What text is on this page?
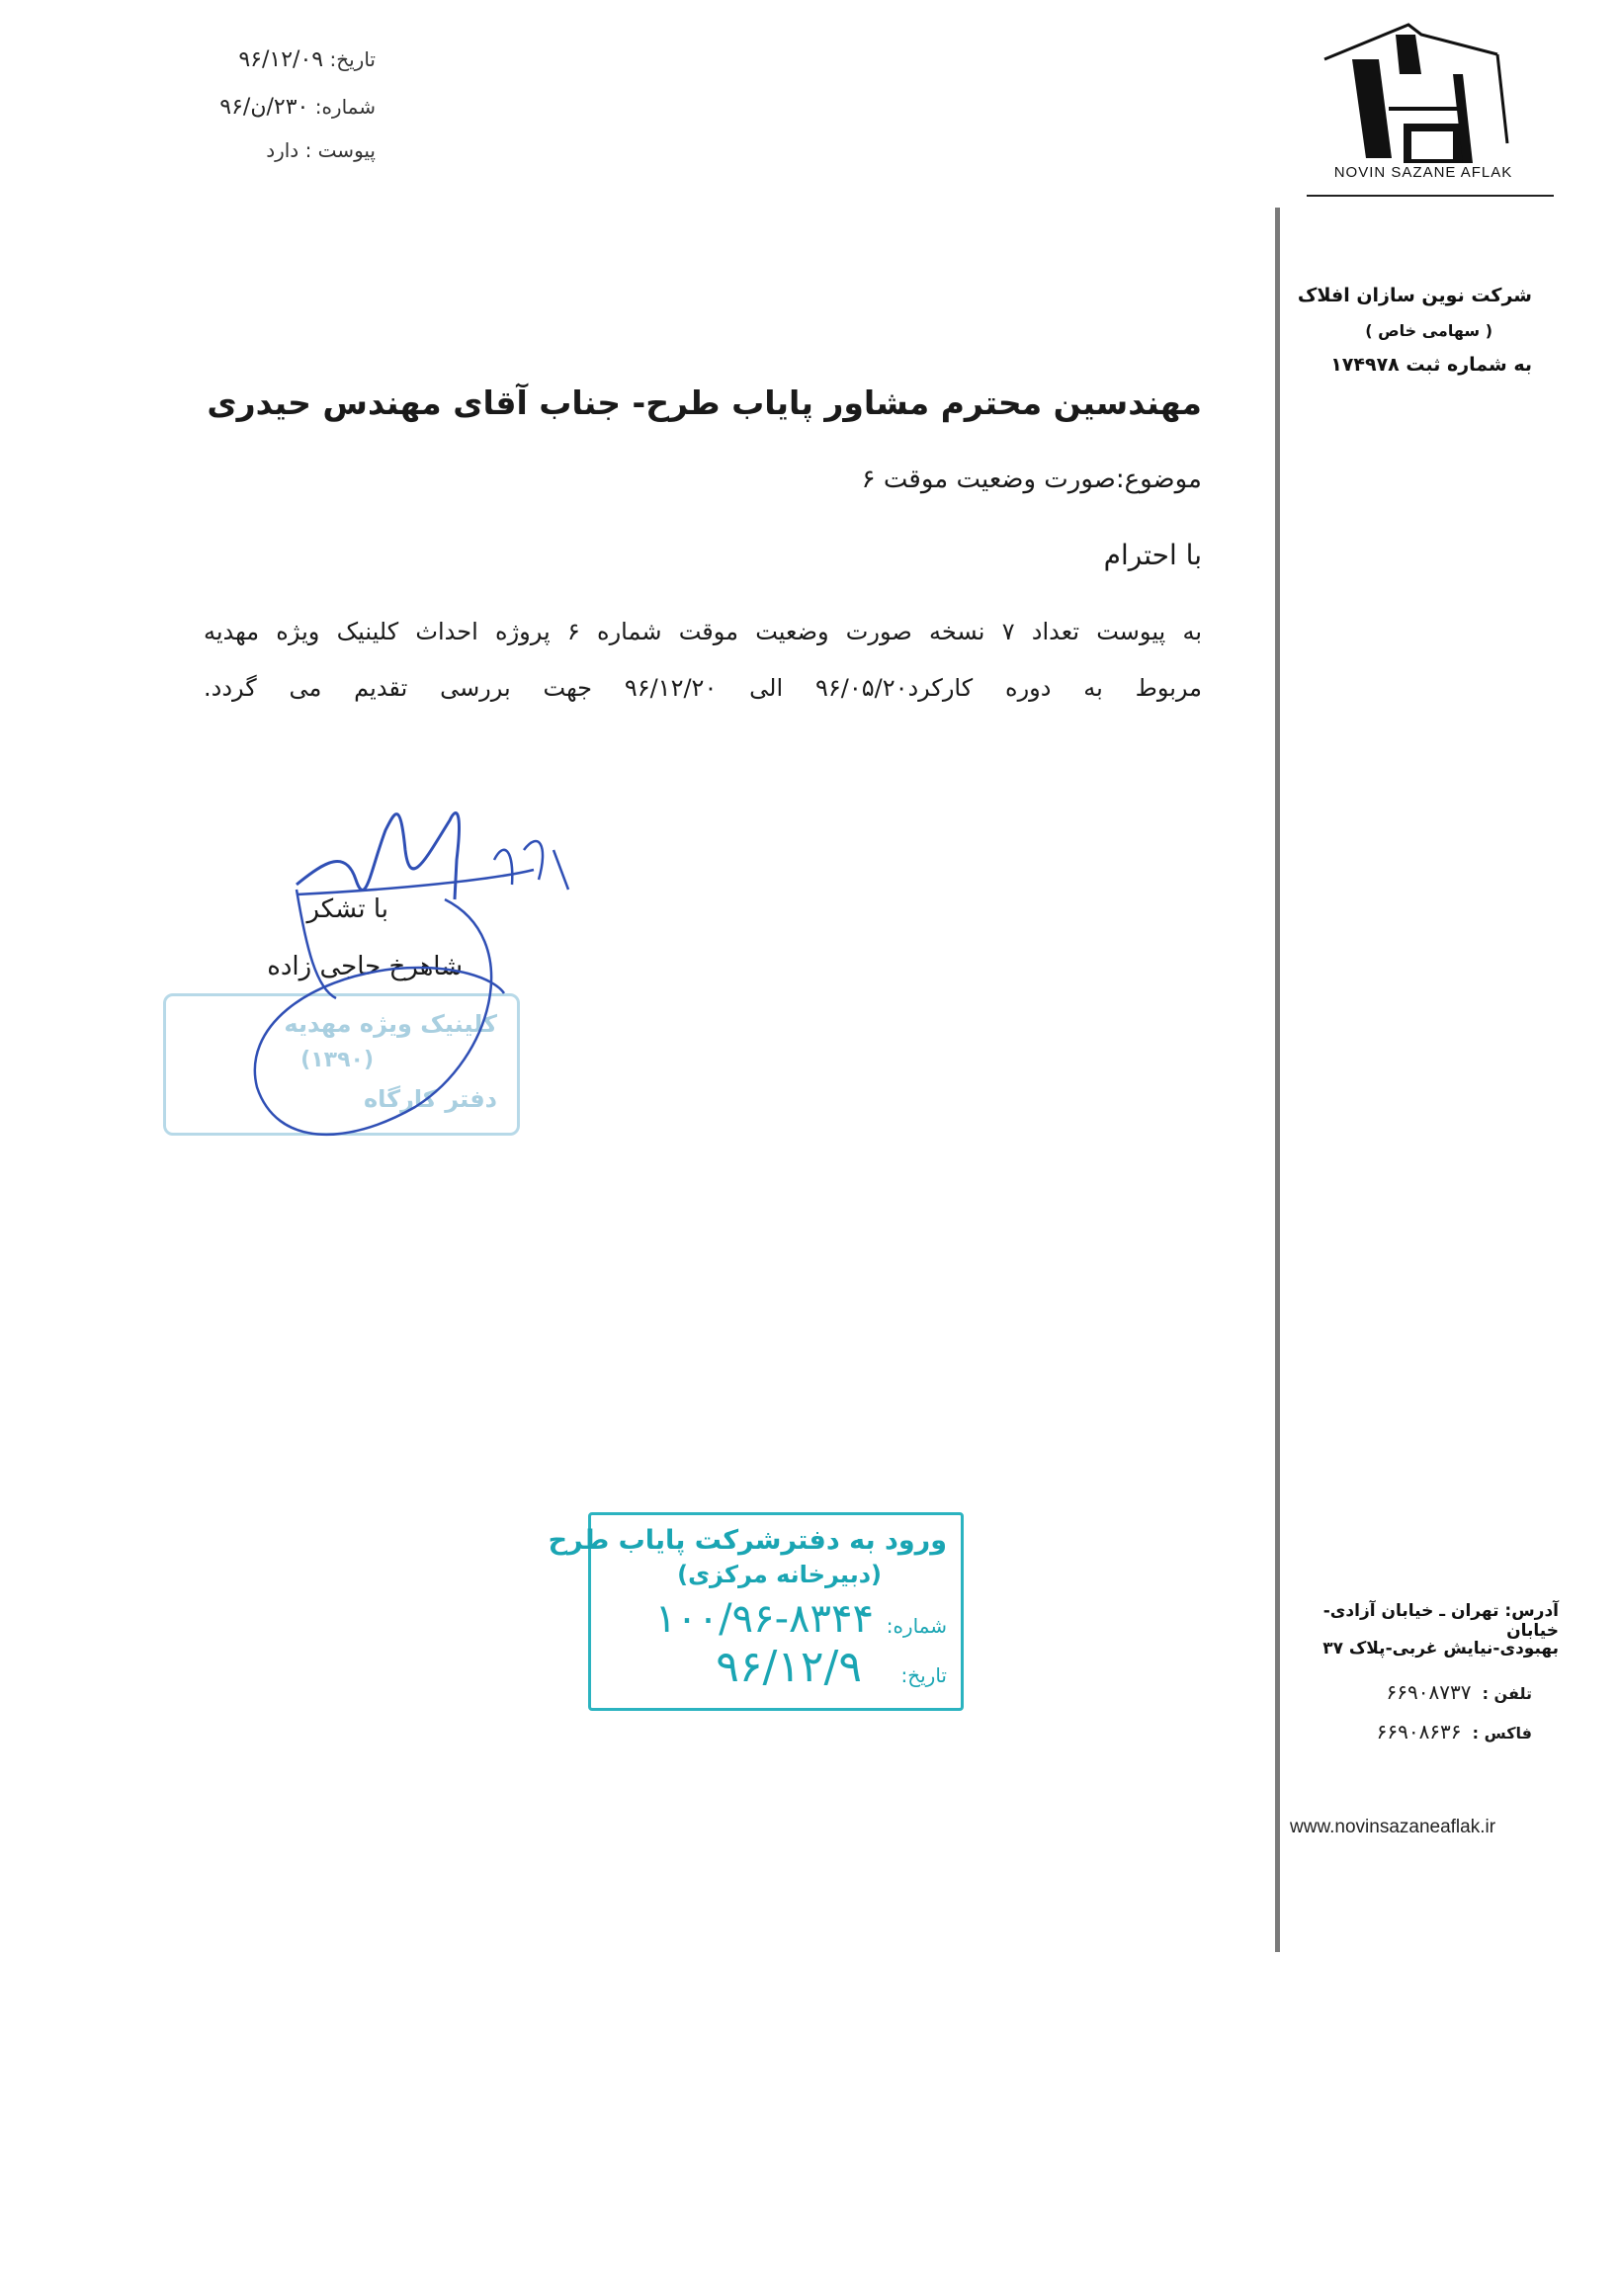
تاریخ: ۹۶/۱۲/۰۹
شماره: ۲۳۰/ن/۹۶
پیوست : دارد
NOVIN SAZANE AFLAK
شرکت نوین سازان افلاک
( سهامی خاص )
به شماره ثبت ۱۷۴۹۷۸
مهندسین محترم مشاور پایاب طرح- جناب آقای مهندس حیدری
موضوع:صورت وضعیت موقت ۶
با احترام
به پیوست تعداد ۷ نسخه صورت وضعیت موقت شماره ۶ پروژه احداث کلینیک ویژه مهدیه
مربوط به دوره کارکرد۹۶/۰۵/۲۰ الی ۹۶/۱۲/۲۰ جهت بررسی تقدیم می گردد.
کلینیک ویژه مهدیه
(۱۳۹۰)
دفتر کارگاه
با تشکر
شاهرخ حاجی زاده
ورود به دفترشرکت پایاب طرح
(دبیرخانه مرکزی)
شماره:
۱۰۰/۹۶-۸۳۴۴
تاریخ:
۹۶/۱۲/۹
آدرس: تهران ـ خیابان آزادی-خیابان
بهبودی-نیایش غربی-پلاک ۳۷
تلفن : ۶۶۹۰۸۷۳۷
فاکس : ۶۶۹۰۸۶۳۶
www.novinsazaneaflak.ir
